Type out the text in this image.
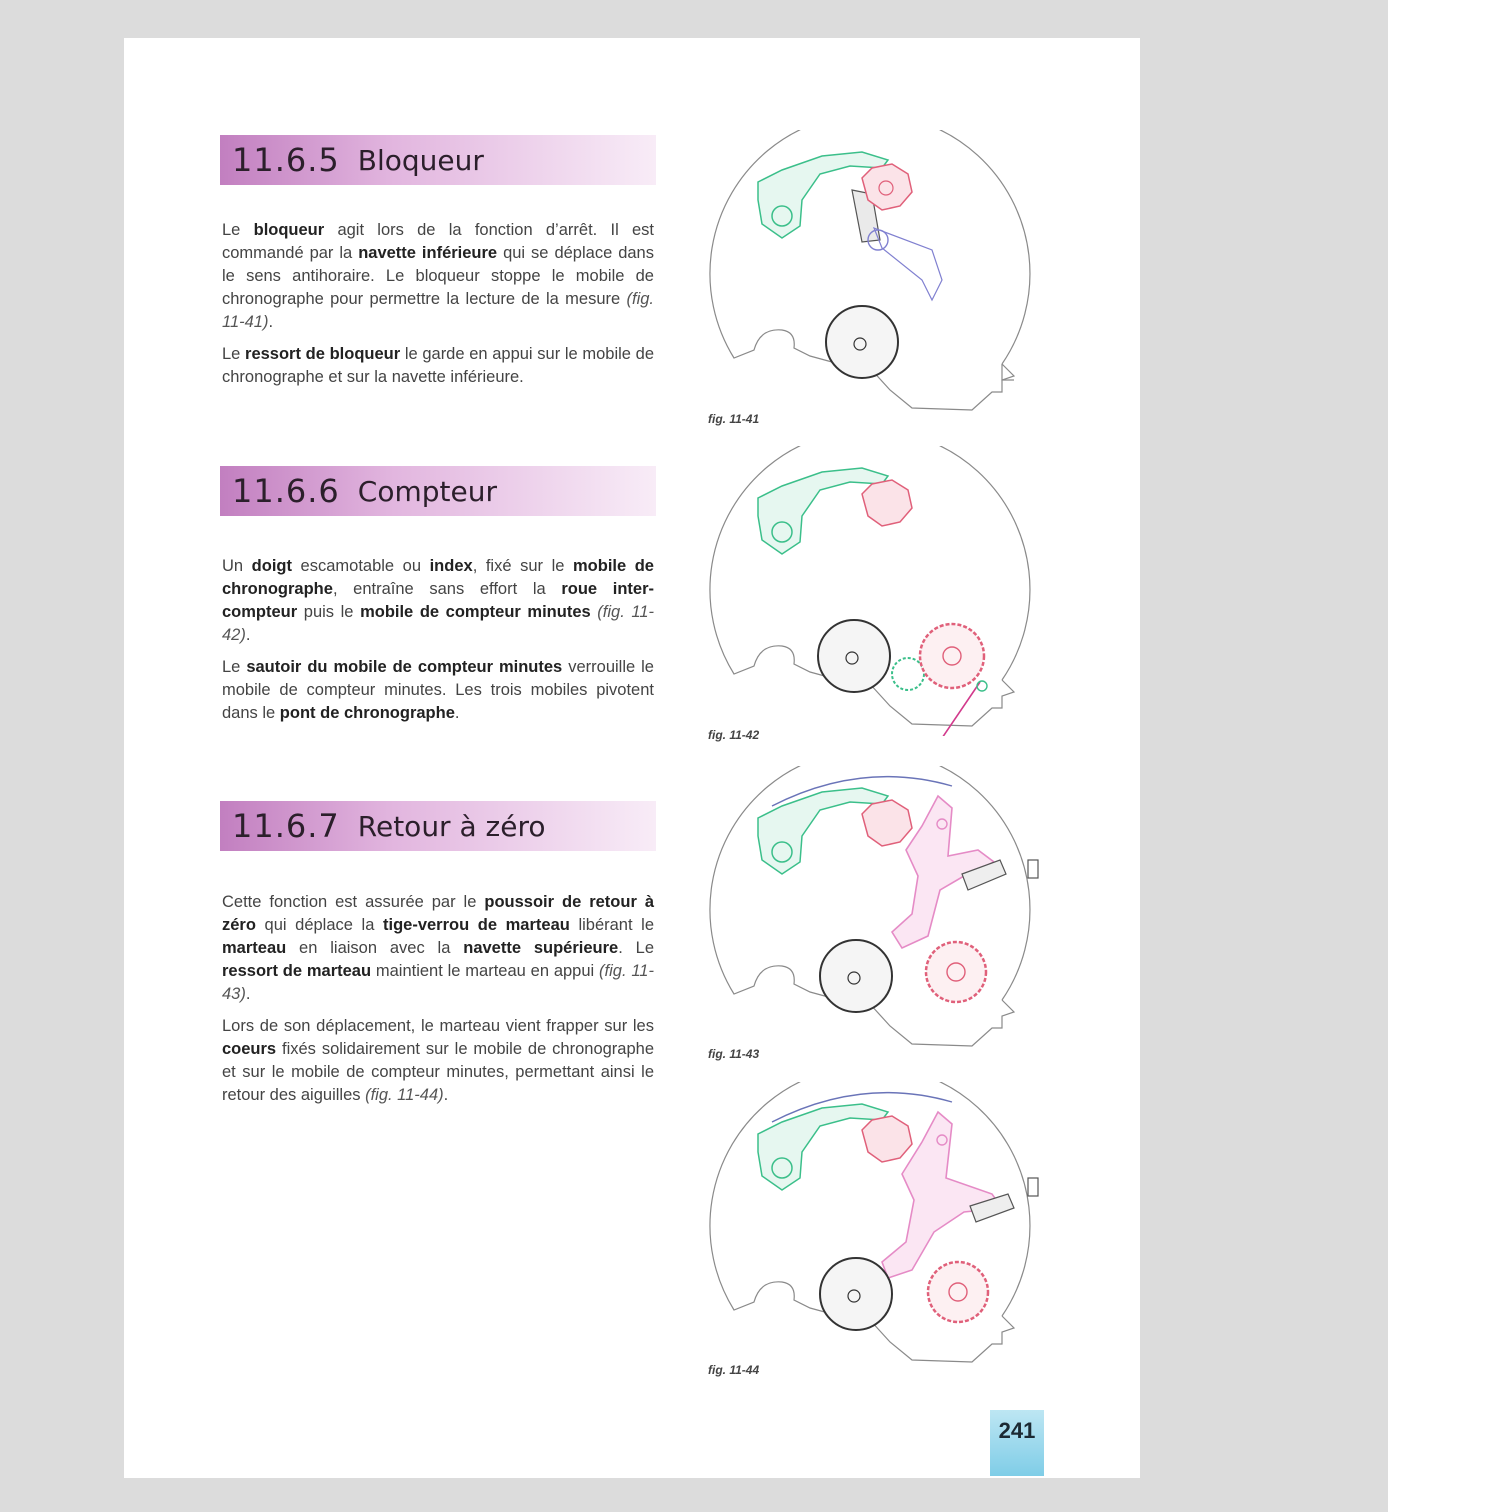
11.6.5 Bloqueur

Le bloqueur agit lors de la fonction d’arrêt. Il est commandé par la navette inférieure qui se déplace dans le sens antihoraire. Le bloqueur stoppe le mobile de chronographe pour permettre la lecture de la mesure (fig. 11-41).

Le ressort de bloqueur le garde en appui sur le mobile de chronographe et sur la navette inférieure.

11.6.6 Compteur

Un doigt escamotable ou index, fixé sur le mobile de chronographe, entraîne sans effort la roue inter-compteur puis le mobile de compteur minutes (fig. 11-42).

Le sautoir du mobile de compteur minutes verrouille le mobile de compteur minutes. Les trois mobiles pivotent dans le pont de chronographe.

11.6.7 Retour à zéro

Cette fonction est assurée par le poussoir de retour à zéro qui déplace la tige-verrou de marteau libérant le marteau en liaison avec la navette supérieure. Le ressort de marteau maintient le marteau en appui (fig. 11-43).

Lors de son déplacement, le marteau vient frapper sur les coeurs fixés solidairement sur le mobile de chronographe et sur le mobile de compteur minutes, permettant ainsi le retour des aiguilles (fig. 11-44).

fig. 11-41
fig. 11-42
fig. 11-43
fig. 11-44
241
